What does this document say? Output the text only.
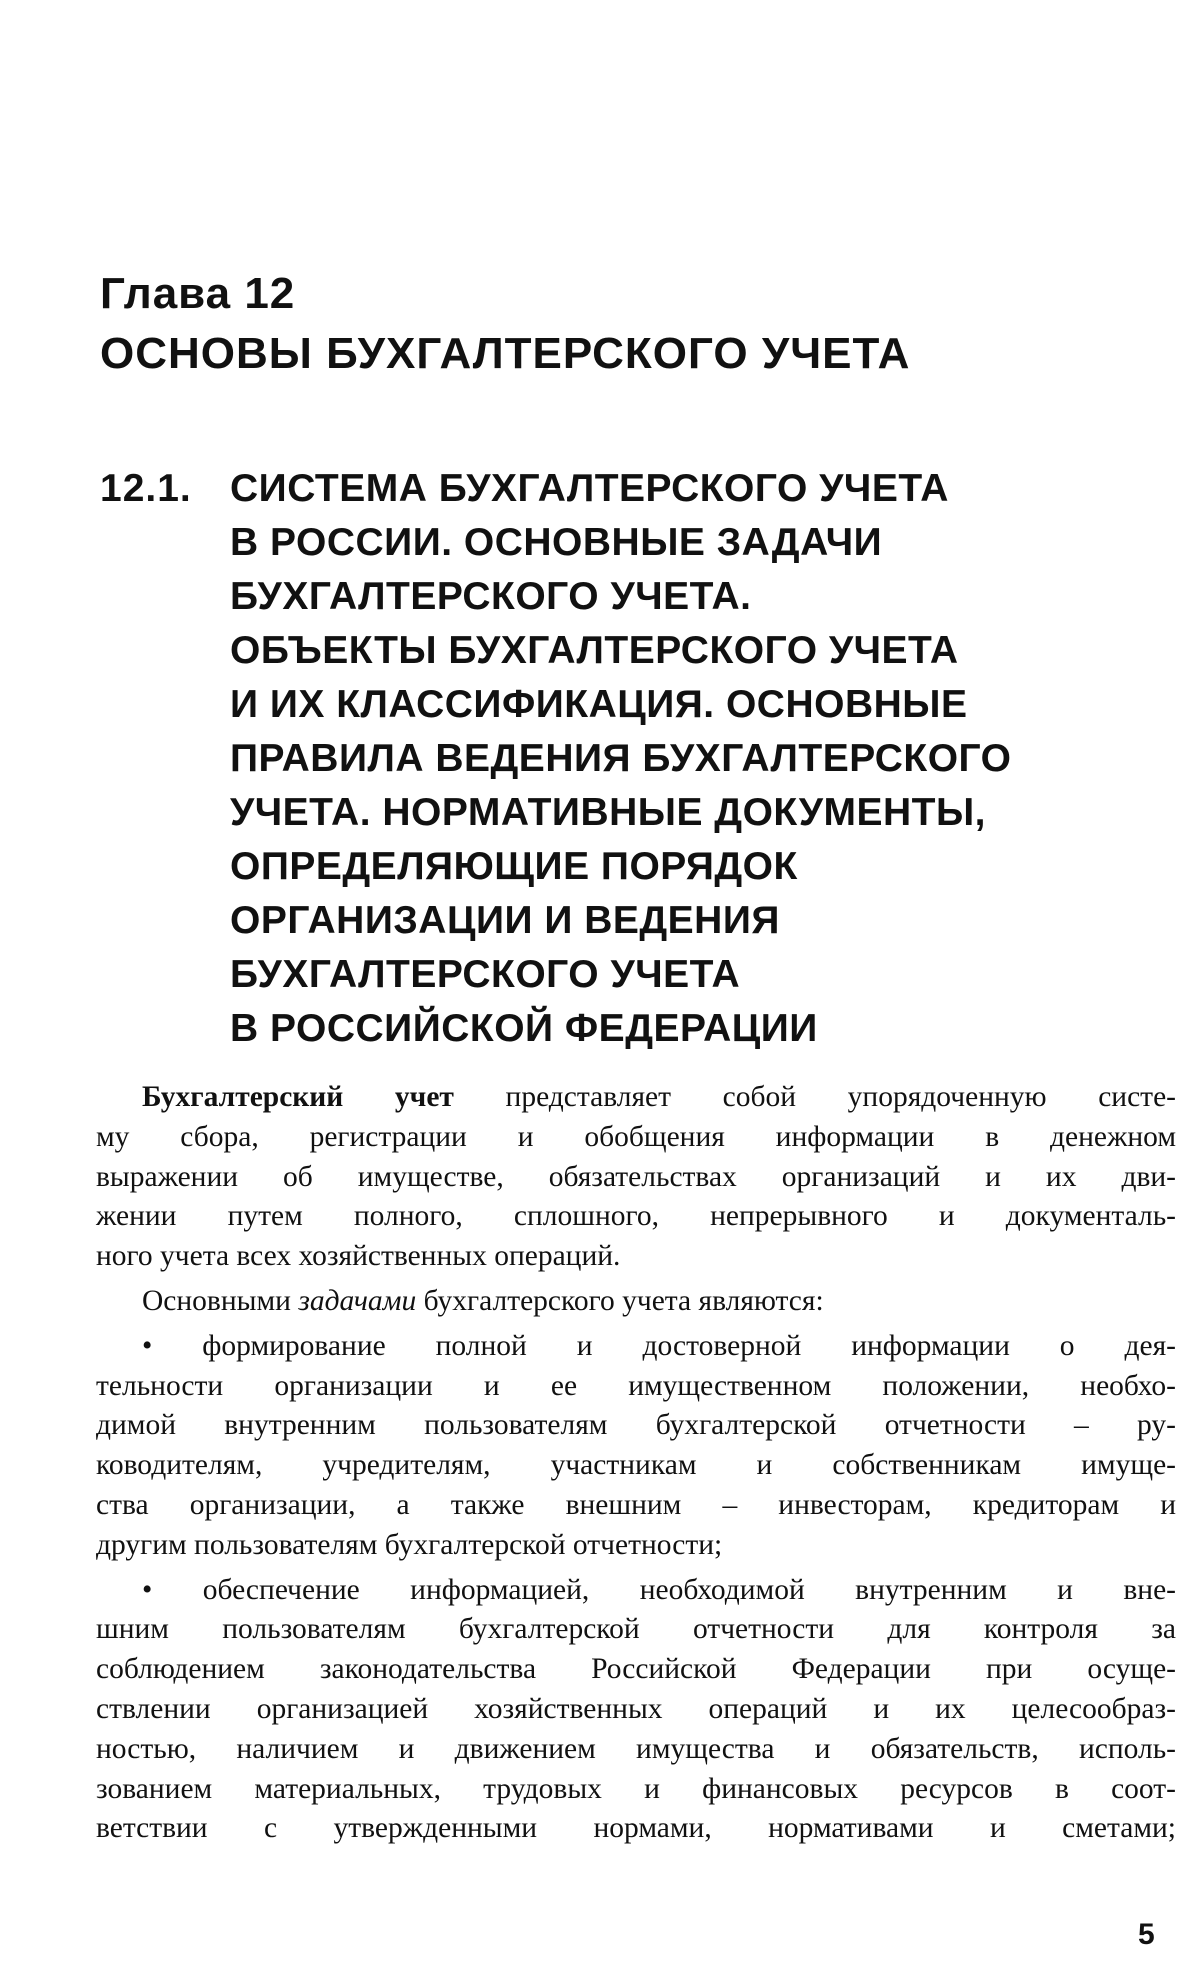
Глава 12
ОСНОВЫ БУХГАЛТЕРСКОГО УЧЕТА
12.1. СИСТЕМА БУХГАЛТЕРСКОГО УЧЕТА
В РОССИИ. ОСНОВНЫЕ ЗАДАЧИ
БУХГАЛТЕРСКОГО УЧЕТА.
ОБЪЕКТЫ БУХГАЛТЕРСКОГО УЧЕТА
И ИХ КЛАССИФИКАЦИЯ. ОСНОВНЫЕ
ПРАВИЛА ВЕДЕНИЯ БУХГАЛТЕРСКОГО
УЧЕТА. НОРМАТИВНЫЕ ДОКУМЕНТЫ,
ОПРЕДЕЛЯЮЩИЕ ПОРЯДОК
ОРГАНИЗАЦИИ И ВЕДЕНИЯ
БУХГАЛТЕРСКОГО УЧЕТА
В РОССИЙСКОЙ ФЕДЕРАЦИИ
Бухгалтерский учет представляет собой упорядоченную систе-
му сбора, регистрации и обобщения информации в денежном
выражении об имуществе, обязательствах организаций и их дви-
жении путем полного, сплошного, непрерывного и документаль-
ного учета всех хозяйственных операций.
Основными задачами бухгалтерского учета являются:
• формирование полной и достоверной информации о дея-
тельности организации и ее имущественном положении, необхо-
димой внутренним пользователям бухгалтерской отчетности – ру-
ководителям, учредителям, участникам и собственникам имуще-
ства организации, а также внешним – инвесторам, кредиторам и
другим пользователям бухгалтерской отчетности;
• обеспечение информацией, необходимой внутренним и вне-
шним пользователям бухгалтерской отчетности для контроля за
соблюдением законодательства Российской Федерации при осуще-
ствлении организацией хозяйственных операций и их целесообраз-
ностью, наличием и движением имущества и обязательств, исполь-
зованием материальных, трудовых и финансовых ресурсов в соот-
ветствии с утвержденными нормами, нормативами и сметами;
5
